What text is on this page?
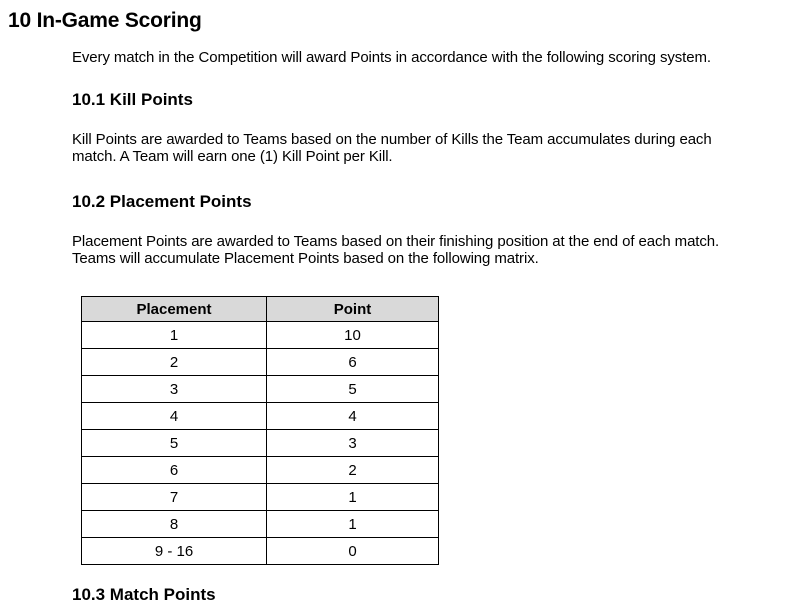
10 In-Game Scoring
Every match in the Competition will award Points in accordance with the following scoring system.
10.1 Kill Points
Kill Points are awarded to Teams based on the number of Kills the Team accumulates during each
match. A Team will earn one (1) Kill Point per Kill.
10.2 Placement Points
Placement Points are awarded to Teams based on their finishing position at the end of each match.
Teams will accumulate Placement Points based on the following matrix.
Placement	Point
1	10
2	6
3	5
4	4
5	3
6	2
7	1
8	1
9 - 16	0
10.3 Match Points
